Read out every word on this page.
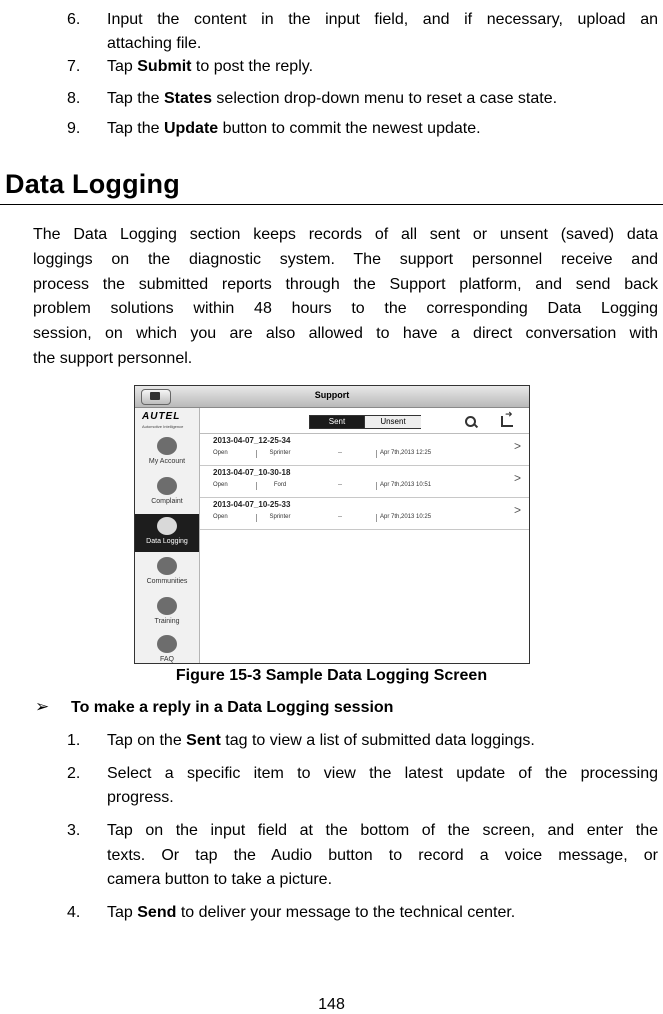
6. Input the content in the input field, and if necessary, upload an
attaching file.
7. Tap Submit to post the reply.
8. Tap the States selection drop-down menu to reset a case state.
9. Tap the Update button to commit the newest update.
Data Logging
The Data Logging section keeps records of all sent or unsent (saved) data
loggings on the diagnostic system. The support personnel receive and
process the submitted reports through the Support platform, and send back
problem solutions within 48 hours to the corresponding Data Logging
session, on which you are also allowed to have a direct conversation with
the support personnel.
Support
AUTEL
Automotive Intelligence
My Account
Complaint
Data Logging
Communities
Training
FAQ
Sent	Unsent
➜
2013-04-07_12-25-34
Open	Sprinter	--	Apr 7th,2013 12:25	>
2013-04-07_10-30-18
Open	Ford	--	Apr 7th,2013 10:51	>
2013-04-07_10-25-33
Open	Sprinter	--	Apr 7th,2013 10:25	>
Figure 15-3 Sample Data Logging Screen
➢ To make a reply in a Data Logging session
1. Tap on the Sent tag to view a list of submitted data loggings.
2. Select a specific item to view the latest update of the processing
progress.
3. Tap on the input field at the bottom of the screen, and enter the
texts. Or tap the Audio button to record a voice message, or
camera button to take a picture.
4. Tap Send to deliver your message to the technical center.
148
